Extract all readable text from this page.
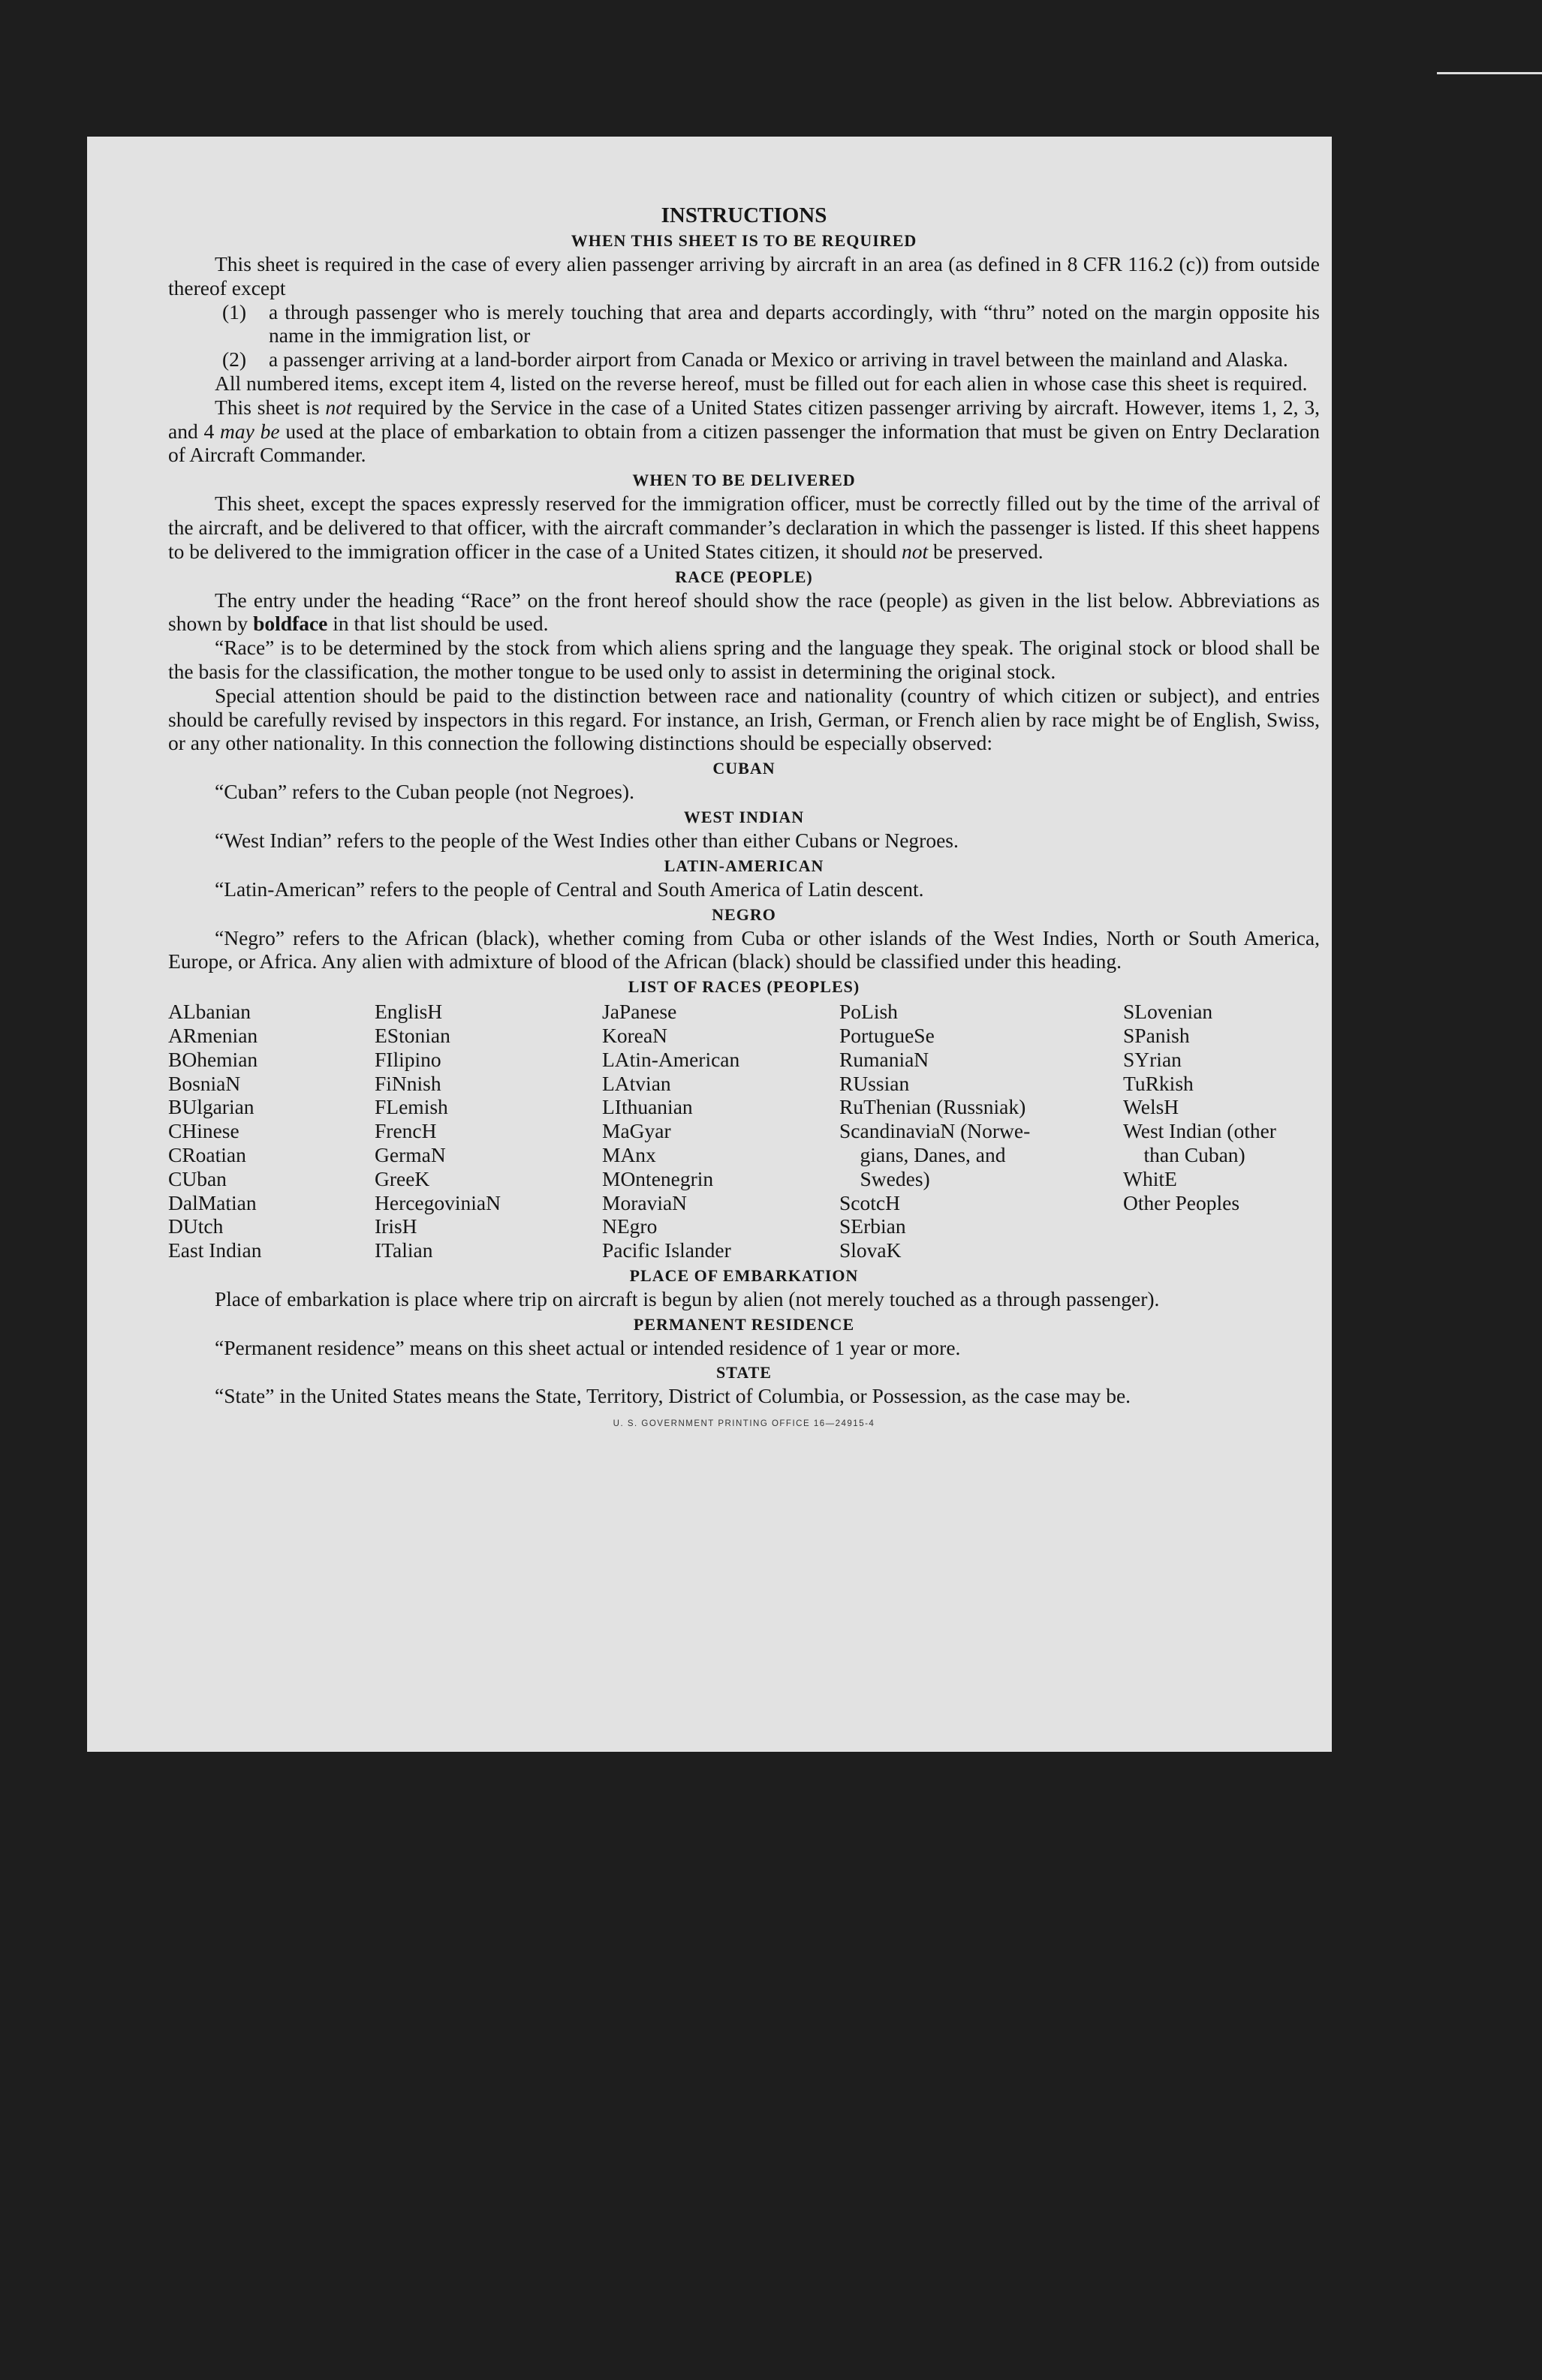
INSTRUCTIONS
WHEN THIS SHEET IS TO BE REQUIRED

This sheet is required in the case of every alien passenger arriving by aircraft in an area (as defined in 8 CFR 116.2 (c)) from outside thereof except

(1)	a through passenger who is merely touching that area and departs accordingly, with “thru” noted on the margin opposite his name in the immigration list, or
(2)	a passenger arriving at a land-border airport from Canada or Mexico or arriving in travel between the mainland and Alaska.

All numbered items, except item 4, listed on the reverse hereof, must be filled out for each alien in whose case this sheet is required.

This sheet is not required by the Service in the case of a United States citizen passenger arriving by aircraft. However, items 1, 2, 3, and 4 may be used at the place of embarkation to obtain from a citizen passenger the information that must be given on Entry Declaration of Aircraft Commander.

WHEN TO BE DELIVERED

This sheet, except the spaces expressly reserved for the immigration officer, must be correctly filled out by the time of the arrival of the aircraft, and be delivered to that officer, with the aircraft commander’s declaration in which the passenger is listed. If this sheet happens to be delivered to the immigration officer in the case of a United States citizen, it should not be preserved.

RACE (PEOPLE)

The entry under the heading “Race” on the front hereof should show the race (people) as given in the list below. Abbreviations as shown by boldface in that list should be used.

“Race” is to be determined by the stock from which aliens spring and the language they speak. The original stock or blood shall be the basis for the classification, the mother tongue to be used only to assist in determining the original stock.

Special attention should be paid to the distinction between race and nationality (country of which citizen or subject), and entries should be carefully revised by inspectors in this regard. For instance, an Irish, German, or French alien by race might be of English, Swiss, or any other nationality. In this connection the following distinctions should be especially observed:

CUBAN

“Cuban” refers to the Cuban people (not Negroes).

WEST INDIAN

“West Indian” refers to the people of the West Indies other than either Cubans or Negroes.

LATIN-AMERICAN

“Latin-American” refers to the people of Central and South America of Latin descent.

NEGRO

“Negro” refers to the African (black), whether coming from Cuba or other islands of the West Indies, North or South America, Europe, or Africa. Any alien with admixture of blood of the African (black) should be classified under this heading.

LIST OF RACES (PEOPLES)
ALbanian
ARmenian
BOhemian
BosniaN
BUlgarian
CHinese
CRoatian
CUban
DalMatian
DUtch
East Indian
EnglisH
EStonian
FIlipino
FiNnish
FLemish
FrencH
GermaN
GreeK
HercegoviniaN
IrisH
ITalian
JaPanese
KoreaN
LAtin-American
LAtvian
LIthuanian
MaGyar
MAnx
MOntenegrin
MoraviaN
NEgro
Pacific Islander
PoLish
PortugueSe
RumaniaN
RUssian
RuThenian (Russniak)
ScandinaviaN (Norwe-
 gians, Danes, and
 Swedes)
ScotcH
SErbian
SlovaK
SLovenian
SPanish
SYrian
TuRkish
WelsH
West Indian (other
 than Cuban)
WhitE
Other Peoples
PLACE OF EMBARKATION

Place of embarkation is place where trip on aircraft is begun by alien (not merely touched as a through passenger).

PERMANENT RESIDENCE

“Permanent residence” means on this sheet actual or intended residence of 1 year or more.

STATE

“State” in the United States means the State, Territory, District of Columbia, or Possession, as the case may be.

U. S. GOVERNMENT PRINTING OFFICE 16—24915-4
